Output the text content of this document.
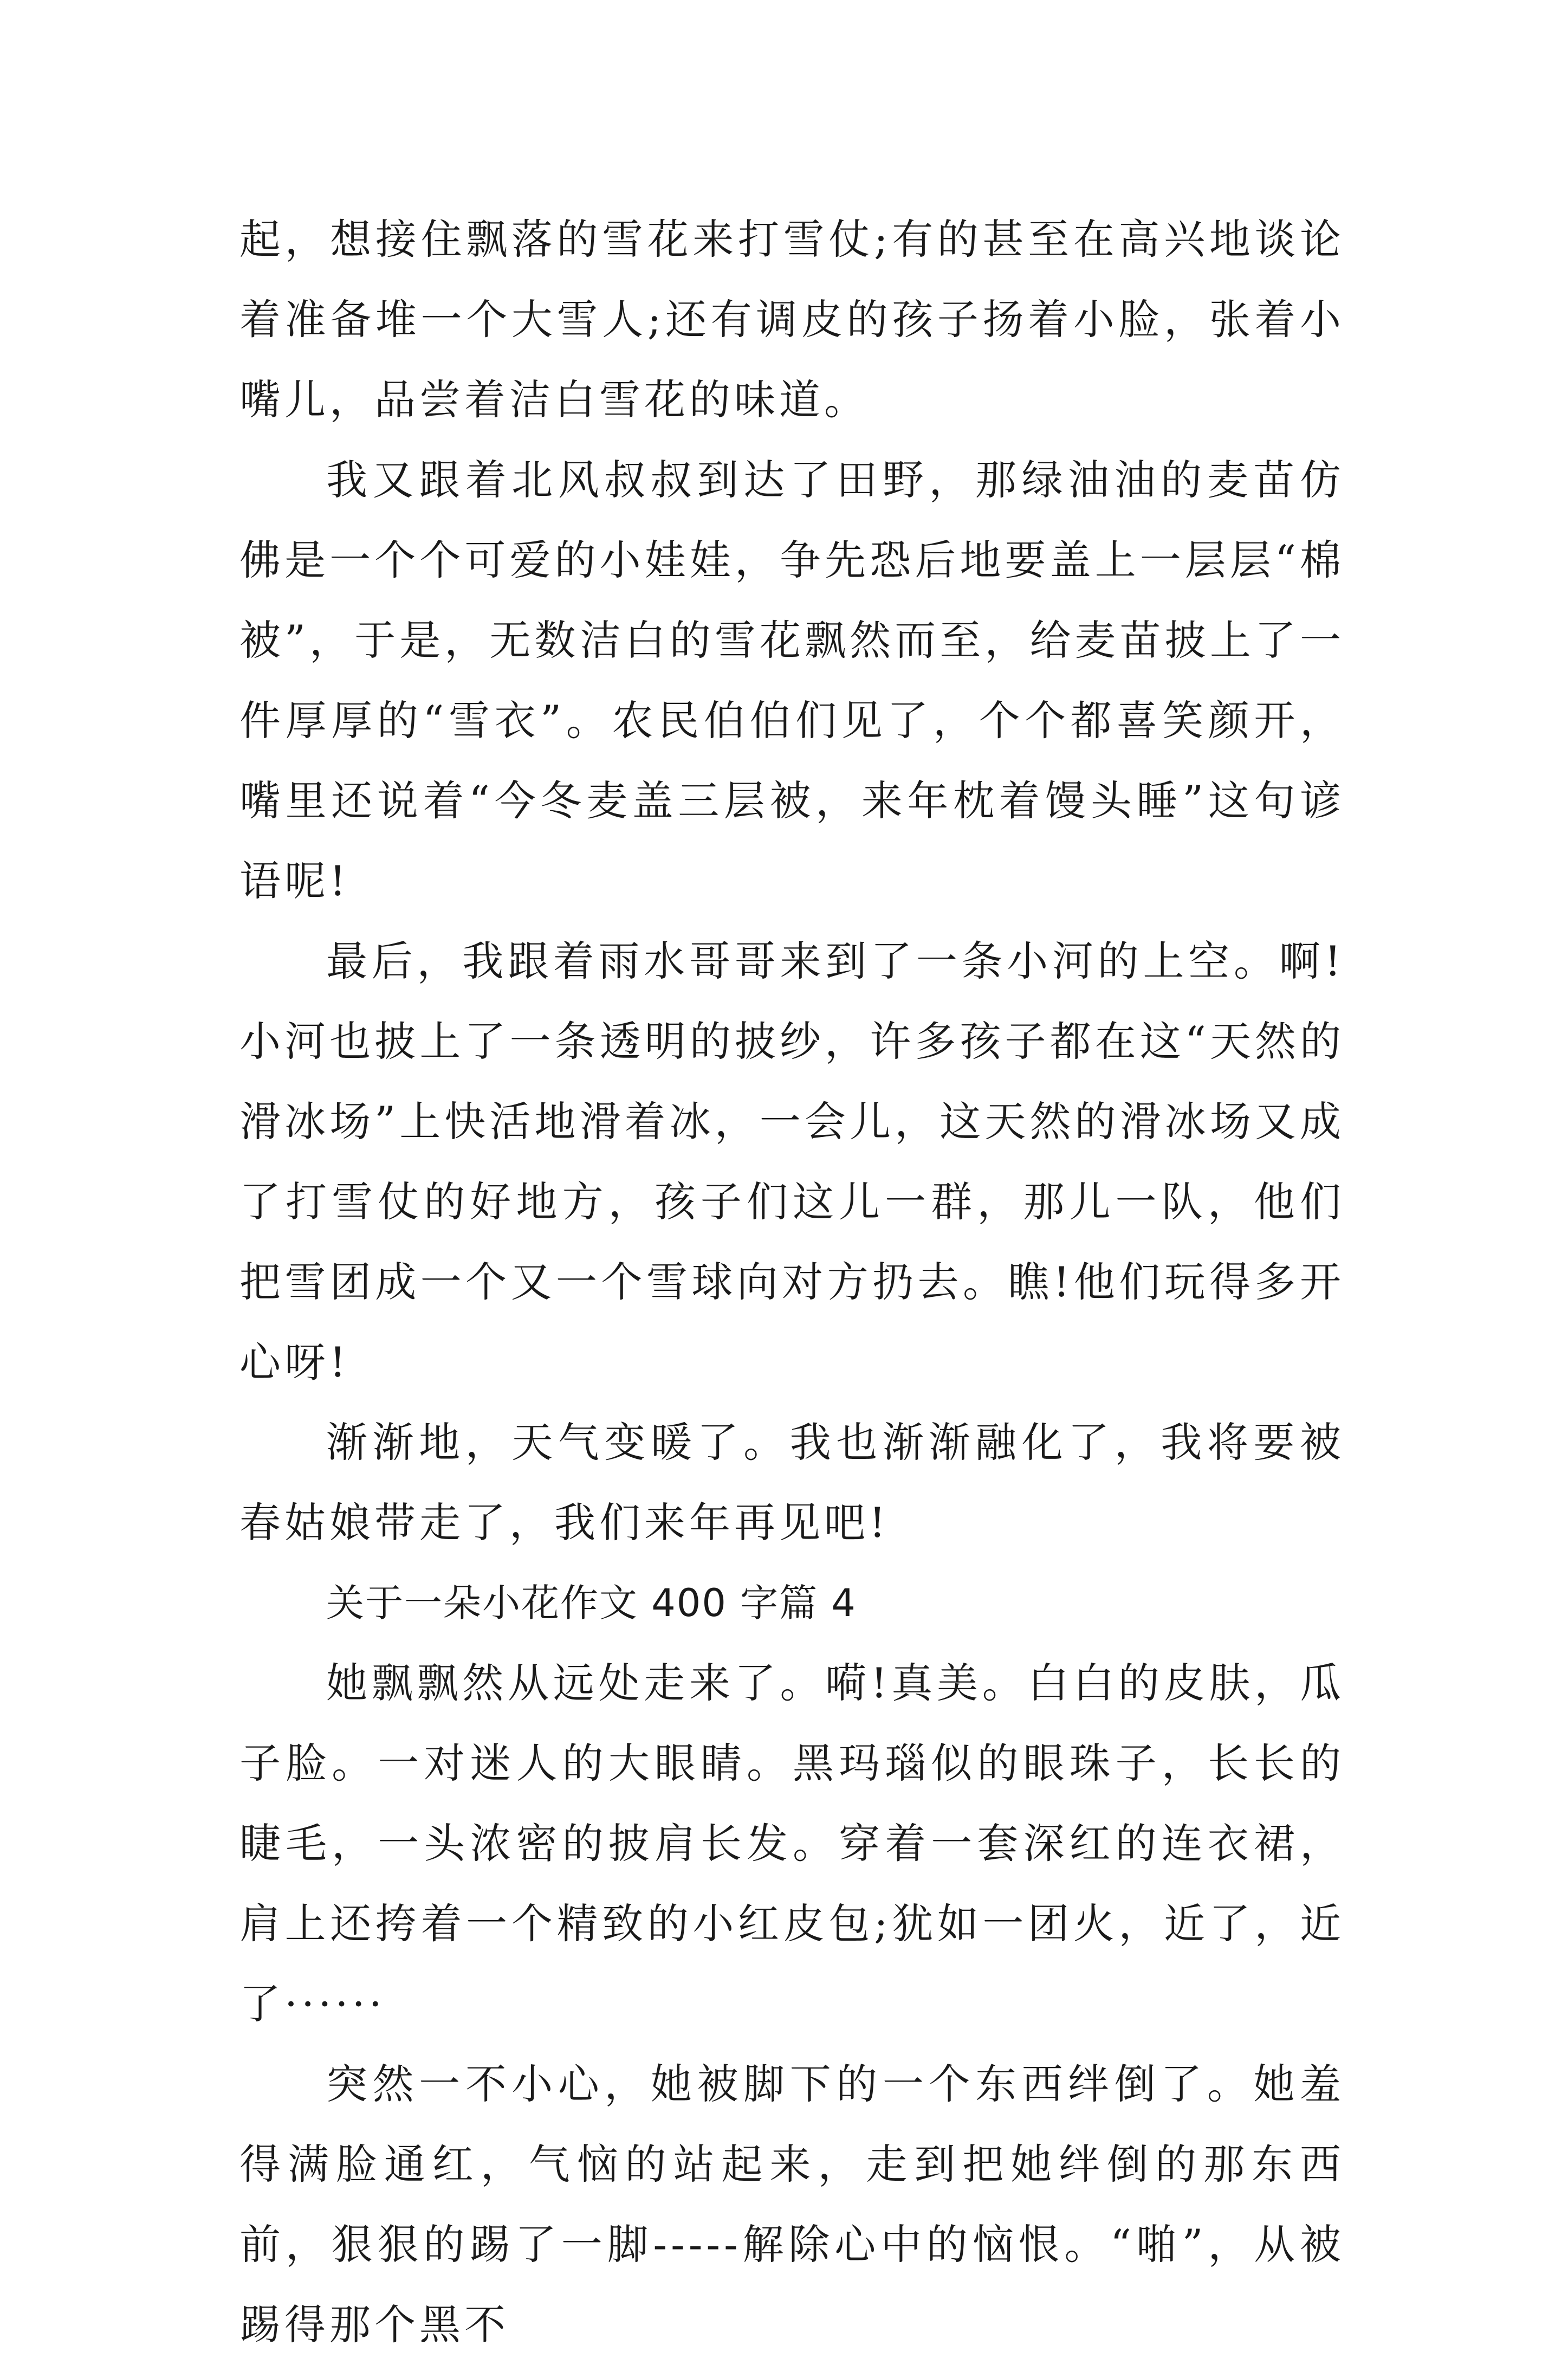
起，想接住飘落的雪花来打雪仗;有的甚至在高兴地谈论着准备堆一个大雪人;还有调皮的孩子扬着小脸，张着小嘴儿，品尝着洁白雪花的味道。

我又跟着北风叔叔到达了田野，那绿油油的麦苗仿佛是一个个可爱的小娃娃，争先恐后地要盖上一层层“棉被”，于是，无数洁白的雪花飘然而至，给麦苗披上了一件厚厚的“雪衣”。农民伯伯们见了，个个都喜笑颜开，嘴里还说着“今冬麦盖三层被，来年枕着馒头睡”这句谚语呢!

最后，我跟着雨水哥哥来到了一条小河的上空。啊!小河也披上了一条透明的披纱，许多孩子都在这“天然的滑冰场”上快活地滑着冰，一会儿，这天然的滑冰场又成了打雪仗的好地方，孩子们这儿一群，那儿一队，他们把雪团成一个又一个雪球向对方扔去。瞧!他们玩得多开心呀!

渐渐地，天气变暖了。我也渐渐融化了，我将要被春姑娘带走了，我们来年再见吧!

关于一朵小花作文 400 字篇 4

她飘飘然从远处走来了。嗬!真美。白白的皮肤，瓜子脸。一对迷人的大眼睛。黑玛瑙似的眼珠子，长长的睫毛，一头浓密的披肩长发。穿着一套深红的连衣裙，肩上还挎着一个精致的小红皮包;犹如一团火，近了，近了······

突然一不小心，她被脚下的一个东西绊倒了。她羞得满脸通红，气恼的站起来，走到把她绊倒的那东西前，狠狠的踢了一脚-----解除心中的恼恨。“啪”，从被踢得那个黑不
